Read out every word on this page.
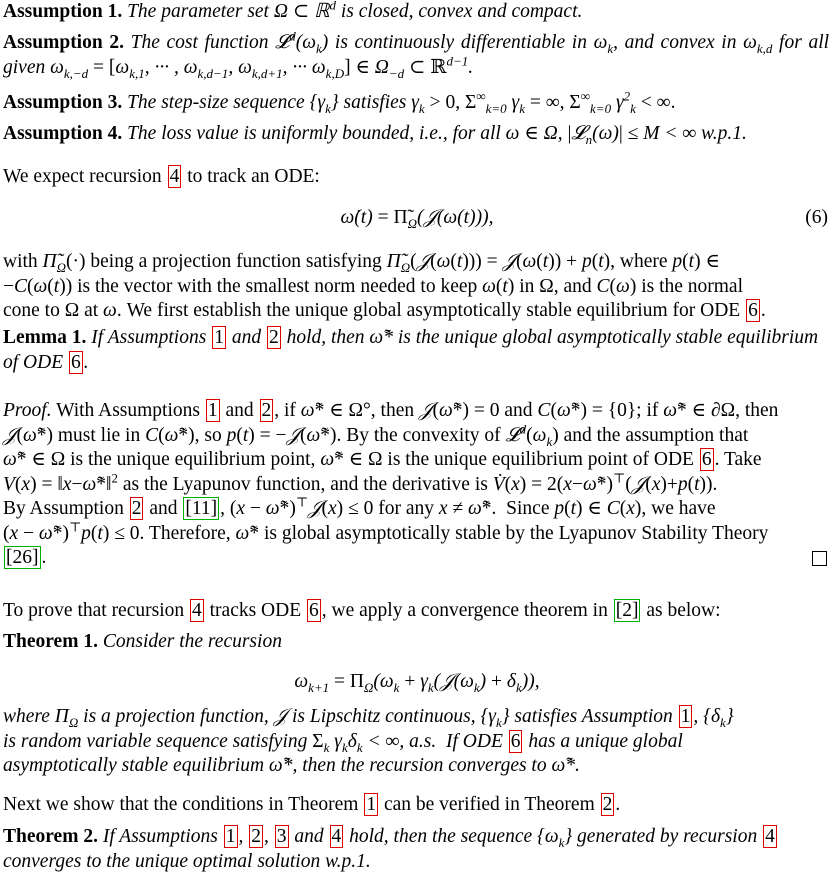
Assumption 1. The parameter set Ω ⊂ ℝ$^d$ is closed, convex and compact.
Assumption 2. The cost function $𝓛^d(\omega_k)$ is continuously differentiable in $\omega_k$, and convex in $\omega_{k,d}$ for all given $\omega_{k,-d} = [\omega_{k,1}$, ··· , $\omega_{k,d-1}$, $\omega_{k,d+1}$, ··· $\omega_{k,D}$] ∈ $\Omega_{-d}$ ⊂ ℝ$^{d-1}$.
Assumption 3. The step-size sequence $\{\gamma_k\}$ satisfies $\gamma_k > 0$, $\Sigma^\infty_{k=0}$ $\gamma_k$ = ∞, $\Sigma^\infty_{k=0}$ $\gamma^2_k$ < ∞.
Assumption 4. The loss value is uniformly bounded, i.e., for all ω ∈ Ω, |𝓛$_n$(ω)| ≤ M < ∞ w.p.1.
We expect recursion 4 to track an ODE:
ω̇(t) = $\Pĩ_\Omega(𝒥(\omega(t)))$,	(6)
with $\Pĩ_\Omega(\cdot)$ being a projection function satisfying $\Pĩ_\Omega(𝒥(\omega(t)))$ = 𝒥(ω(t)) + p(t), where p(t) ∈
−C(ω(t)) is the vector with the smallest norm needed to keep ω(t) in Ω, and C(ω) is the normal
cone to Ω at ω. We first establish the unique global asymptotically stable equilibrium for ODE 6 .
Lemma 1. If Assumptions 1 and 2 hold, then ω̃* is the unique global asymptotically stable equilibrium
of ODE 6 .
Proof. With Assumptions 1 and 2 , if ω̃* ∈ Ω°, then 𝒥(ω̃*) = 0 and C(ω̃*) = {0}; if ω̃* ∈ ∂Ω, then
𝒥(ω̃*) must lie in C(ω̃*), so p(t) = −𝒥(ω̃*). By the convexity of $𝓛^d(\omega_k)$ and the assumption that
ω̃* ∈ Ω is the unique equilibrium point, ω̃* ∈ Ω is the unique equilibrium point of ODE 6 . Take
V(x) = ‖x−ω̃*‖$^2$ as the Lyapunov function, and the derivative is V̇(x) = 2(x−ω̃*)⊤(𝒥(x)+p(t)).
By Assumption 2 and [11] , (x − ω̃*)⊤𝒥(x) ≤ 0 for any x ≠ ω̃*.  Since p(t) ∈ C(x), we have
(x − ω̃*)⊤p(t) ≤ 0. Therefore, ω̃* is global asymptotically stable by the Lyapunov Stability Theory
[26] .
To prove that recursion 4 tracks ODE 6 , we apply a convergence theorem in [2] as below:
Theorem 1. Consider the recursion
$\omega_{k+1} = \Pi_\Omega(\omega_k$ + $\gamma_k(𝒥(\omega_k) + \delta_k)$),
where $\Pi_\Omega$ is a projection function, 𝒥 is Lipschitz continuous, $\{\gamma_k\}$ satisfies Assumption 1 , $\{\delta_k\}$
is random variable sequence satisfying $\Sigma_k$ $\gamma_k\delta_k$ < ∞, a.s.  If ODE 6 has a unique global
asymptotically stable equilibrium ω̃*, then the recursion converges to ω̃*.
Next we show that the conditions in Theorem 1 can be verified in Theorem 2 .
Theorem 2. If Assumptions 1 , 2 , 3 and 4 hold, then the sequence $\{\omega_k\}$ generated by recursion 4
converges to the unique optimal solution w.p.1.
